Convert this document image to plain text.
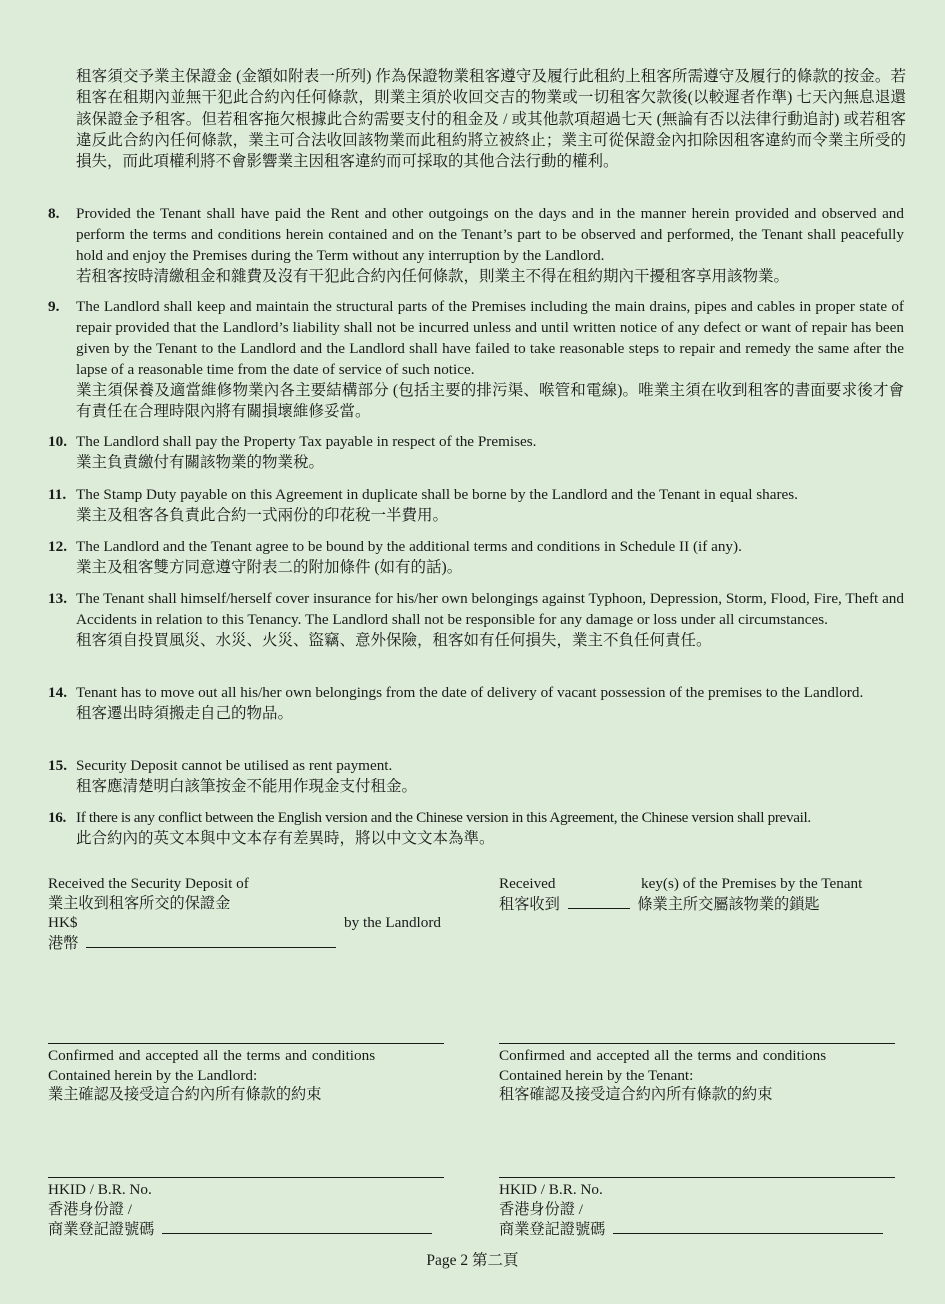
租客須交予業主保證金 (金額如附表一所列) 作為保證物業租客遵守及履行此租約上租客所需遵守及履行的條款的按金。若租客在租期內並無干犯此合約內任何條款，則業主須於收回交吉的物業或一切租客欠款後(以較遲者作準) 七天內無息退還該保證金予租客。但若租客拖欠根據此合約需要支付的租金及 / 或其他款項超過七天 (無論有否以法律行動追討) 或若租客違反此合約內任何條款，業主可合法收回該物業而此租約將立被終止；業主可從保證金內扣除因租客違約而令業主所受的損失，而此項權利將不會影響業主因租客違約而可採取的其他合法行動的權利。
8.	Provided the Tenant shall have paid the Rent and other outgoings on the days and in the manner herein provided and observed and perform the terms and conditions herein contained and on the Tenant’s part to be observed and performed, the Tenant shall peacefully hold and enjoy the Premises during the Term without any interruption by the Landlord.
若租客按時清繳租金和雜費及沒有干犯此合約內任何條款，則業主不得在租約期內干擾租客享用該物業。
9.	The Landlord shall keep and maintain the structural parts of the Premises including the main drains, pipes and cables in proper state of repair provided that the Landlord’s liability shall not be incurred unless and until written notice of any defect or want of repair has been given by the Tenant to the Landlord and the Landlord shall have failed to take reasonable steps to repair and remedy the same after the lapse of a reasonable time from the date of service of such notice.
業主須保養及適當維修物業內各主要結構部分 (包括主要的排污渠、喉管和電線)。唯業主須在收到租客的書面要求後才會有責任在合理時限內將有關損壞維修妥當。
10. The Landlord shall pay the Property Tax payable in respect of the Premises.
業主負責繳付有關該物業的物業稅。
11. The Stamp Duty payable on this Agreement in duplicate shall be borne by the Landlord and the Tenant in equal shares.
業主及租客各負責此合約一式兩份的印花稅一半費用。
12. The Landlord and the Tenant agree to be bound by the additional terms and conditions in Schedule II (if any).
業主及租客雙方同意遵守附表二的附加條件 (如有的話)。
13. The Tenant shall himself/herself cover insurance for his/her own belongings against Typhoon, Depression, Storm, Flood, Fire, Theft and Accidents in relation to this Tenancy. The Landlord shall not be responsible for any damage or loss under all circumstances.
租客須自投買風災、水災、火災、盜竊、意外保險，租客如有任何損失，業主不負任何責任。
14. Tenant has to move out all his/her own belongings from the date of delivery of vacant possession of the premises to the Landlord.
租客遷出時須搬走自己的物品。
15. Security Deposit cannot be utilised as rent payment.
租客應清楚明白該筆按金不能用作現金支付租金。
16. If there is any conflict between the English version and the Chinese version in this Agreement, the Chinese version shall prevail.
此合約內的英文本與中文本存有差異時，將以中文文本為準。
Received the Security Deposit of
業主收到租客所交的保證金
HK$	by the Landlord
港幣
Received	key(s) of the Premises by the Tenant
租客收到	條業主所交屬該物業的鎖匙
Confirmed and accepted all the terms and conditions
Contained herein by the Landlord:
業主確認及接受這合約內所有條款的約束
Confirmed and accepted all the terms and conditions
Contained herein by the Tenant:
租客確認及接受這合約內所有條款的約束
HKID / B.R. No.
香港身份證 /
商業登記證號碼
HKID / B.R. No.
香港身份證 /
商業登記證號碼
Page 2 第二頁
